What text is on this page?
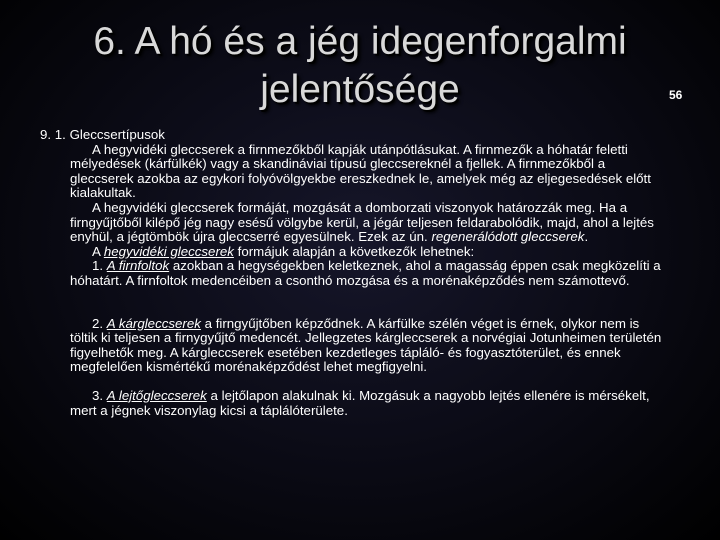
6. A hó és a jég idegenforgalmi jelentősége	56
9. 1. Gleccsertípusok

A hegyvidéki gleccserek a firnmezőkből kapják utánpótlásukat. A firnmezők a hóhatár feletti mélyedések (kárfülkék) vagy a skandináviai típusú gleccsereknél a fjellek. A firnmezőkből a gleccserek azokba az egykori folyóvölgyekbe ereszkednek le, amelyek még az eljegesedések előtt kialakultak.

A hegyvidéki gleccserek formáját, mozgását a domborzati viszonyok határozzák meg. Ha a firngyűjtőből kilépő jég nagy esésű völgybe kerül, a jégár teljesen feldarabolódik, majd, ahol a lejtés enyhül, a jégtömbök újra gleccserré egyesülnek. Ezek az ún. regenerálódott gleccserek.

A hegyvidéki gleccserek formájuk alapján a következők lehetnek:

1. A firnfoltok azokban a hegységekben keletkeznek, ahol a magasság éppen csak megközelíti a hóhatárt. A firnfoltok medencéiben a csonthó mozgása és a morénaképződés nem számottevő.

2. A kárgleccserek a firngyűjtőben képződnek. A kárfülke szélén véget is érnek, olykor nem is töltik ki teljesen a firnygyűjtő medencét. Jellegzetes kárgleccserek a norvégiai Jotunheimen területén figyelhetők meg. A kárgleccserek esetében kezdetleges tápláló- és fogyasztóterület, és ennek megfelelően kismértékű morénaképződést lehet megfigyelni.

3. A lejtőgleccserek a lejtőlapon alakulnak ki. Mozgásuk a nagyobb lejtés ellenére is mérsékelt, mert a jégnek viszonylag kicsi a táplálóterülete.
